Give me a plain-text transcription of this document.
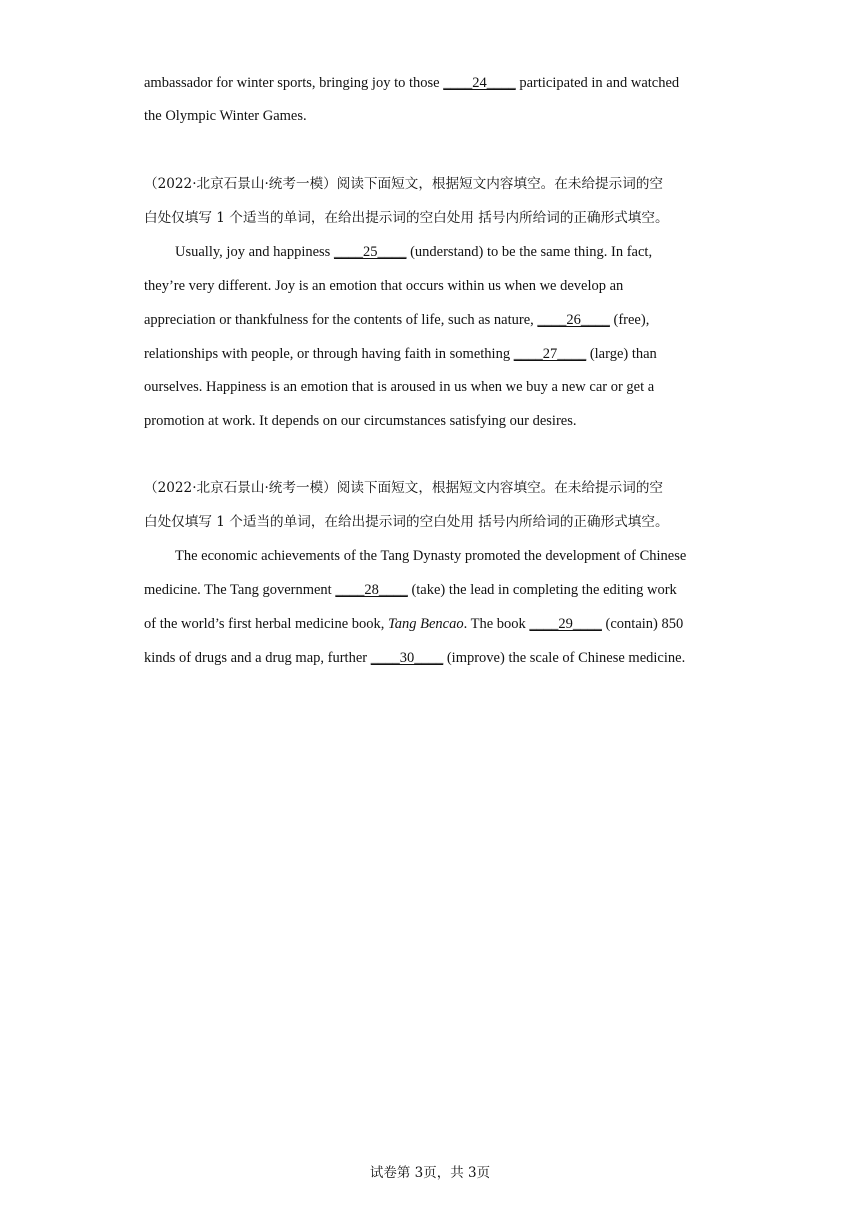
ambassador for winter sports, bringing joy to those ____24____ participated in and watched
the Olympic Winter Games.
（2022·北京石景山·统考一模）阅读下面短文，根据短文内容填空。在未给提示词的空
白处仅填写 1 个适当的单词，在给出提示词的空白处用 括号内所给词的正确形式填空。
Usually, joy and happiness ____25____ (understand) to be the same thing. In fact,
they’re very different. Joy is an emotion that occurs within us when we develop an
appreciation or thankfulness for the contents of life, such as nature, ____26____ (free),
relationships with people, or through having faith in something ____27____ (large) than
ourselves. Happiness is an emotion that is aroused in us when we buy a new car or get a
promotion at work. It depends on our circumstances satisfying our desires.
（2022·北京石景山·统考一模）阅读下面短文，根据短文内容填空。在未给提示词的空
白处仅填写 1 个适当的单词，在给出提示词的空白处用 括号内所给词的正确形式填空。
The economic achievements of the Tang Dynasty promoted the development of Chinese
medicine. The Tang government ____28____ (take) the lead in completing the editing work
of the world’s first herbal medicine book, Tang Bencao. The book ____29____ (contain) 850
kinds of drugs and a drug map, further ____30____ (improve) the scale of Chinese medicine.
试卷第 3页，共 3页
